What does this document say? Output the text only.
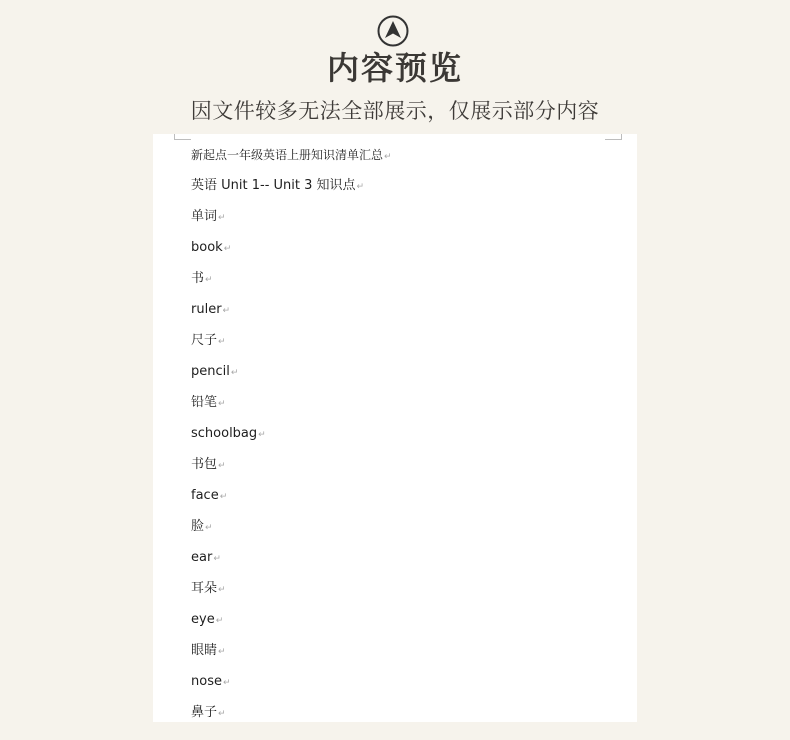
内容预览
因文件较多无法全部展示，仅展示部分内容
新起点一年级英语上册知识清单汇总↵
英语 Unit 1-- Unit 3 知识点↵
单词↵
book↵
书↵
ruler↵
尺子↵
pencil↵
铅笔↵
schoolbag↵
书包↵
face↵
脸↵
ear↵
耳朵↵
eye↵
眼睛↵
nose↵
鼻子↵
